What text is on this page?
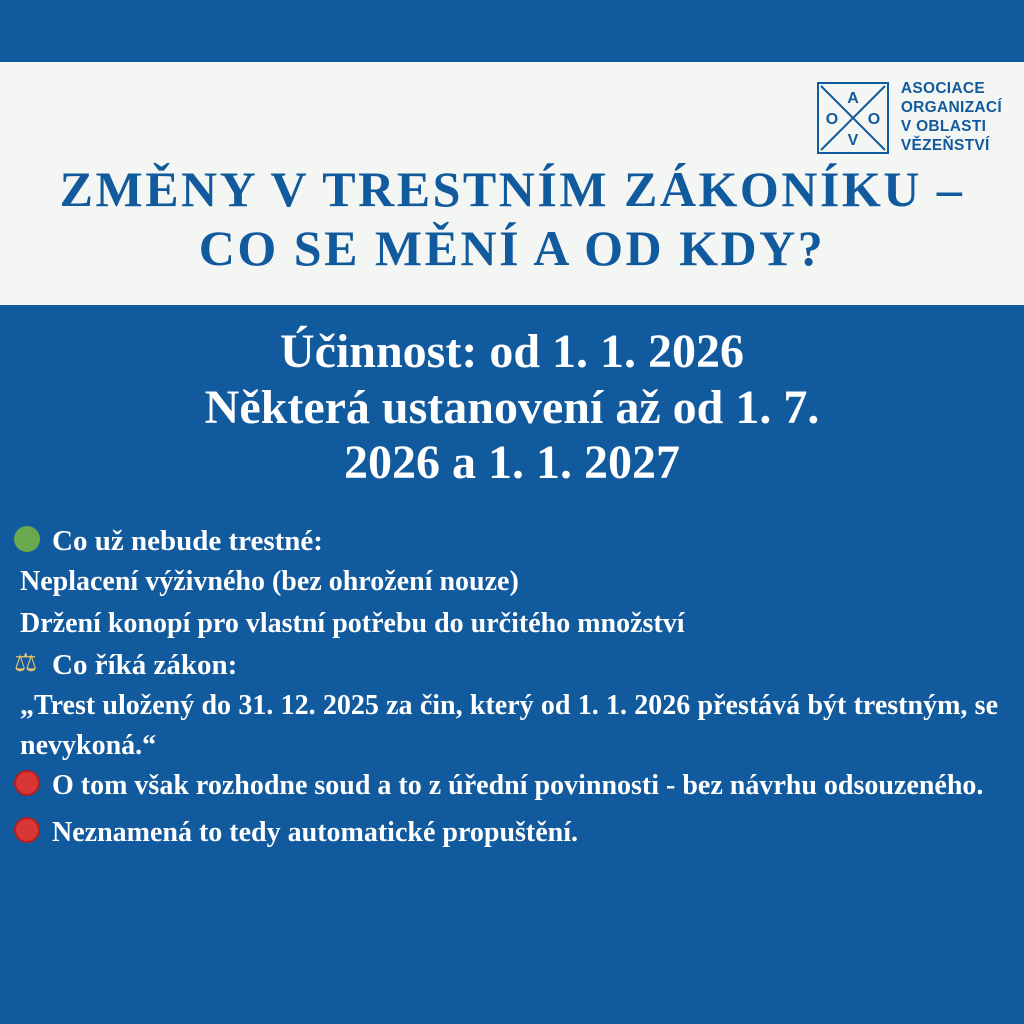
A
O O
V
ASOCIACE
ORGANIZACÍ
V OBLASTI
VĚZEŇSTVÍ
ZMĚNY V TRESTNÍM ZÁKONÍKU –
CO SE MĚNÍ A OD KDY?
Účinnost: od 1. 1. 2026
Některá ustanovení až od 1. 7.
2026 a 1. 1. 2027
Co už nebude trestné:

Neplacení výživného (bez ohrožení nouze)

Držení konopí pro vlastní potřebu do určitého množství

⚖ Co říká zákon:

„Trest uložený do 31. 12. 2025 za čin, který od 1. 1. 2026 přestává být trestným, se nevykoná.“

O tom však rozhodne soud a to z úřední povinnosti - bez návrhu odsouzeného.
Neznamená to tedy automatické propuštění.
